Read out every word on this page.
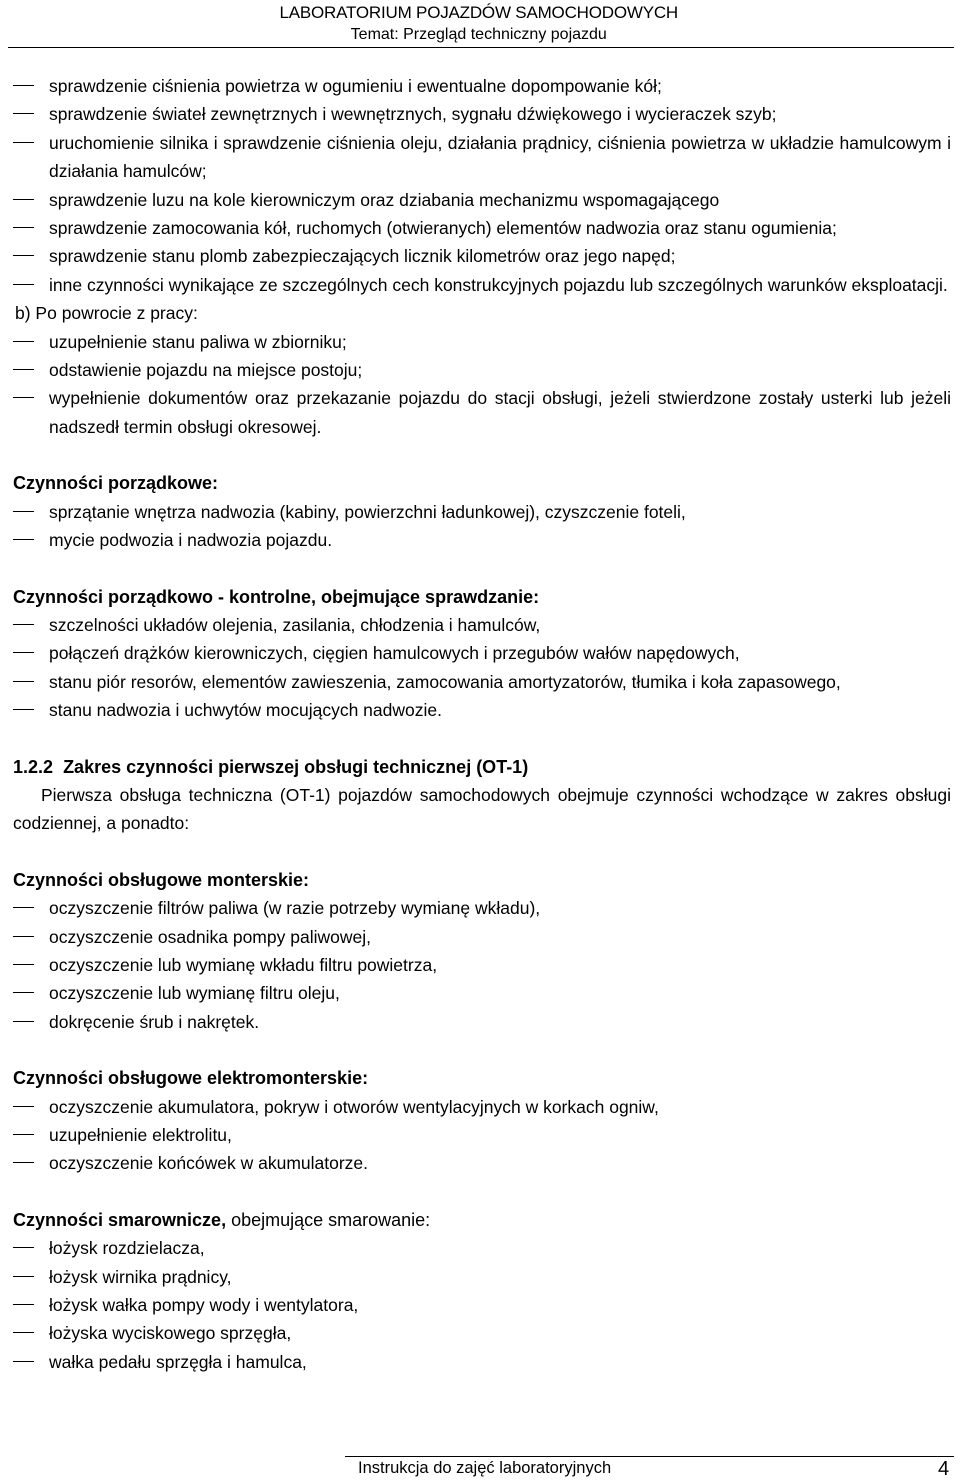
LABORATORIUM POJAZDÓW SAMOCHODOWYCH
Temat: Przegląd techniczny pojazdu
sprawdzenie ciśnienia powietrza w ogumieniu i ewentualne dopompowanie kół;
sprawdzenie świateł zewnętrznych i wewnętrznych, sygnału dźwiękowego i wycieraczek szyb;
uruchomienie silnika i sprawdzenie ciśnienia oleju, działania prądnicy, ciśnienia powietrza w układzie hamulcowym i działania hamulców;
sprawdzenie luzu na kole kierowniczym oraz dziabania mechanizmu wspomagającego
sprawdzenie zamocowania kół, ruchomych (otwieranych) elementów nadwozia oraz stanu ogumienia;
sprawdzenie stanu plomb zabezpieczających licznik kilometrów oraz jego napęd;
inne czynności wynikające ze szczególnych cech konstrukcyjnych pojazdu lub szczególnych warunków eksploatacji.
b) Po powrocie z pracy:
uzupełnienie stanu paliwa w zbiorniku;
odstawienie pojazdu na miejsce postoju;
wypełnienie dokumentów oraz przekazanie pojazdu do stacji obsługi, jeżeli stwierdzone zostały usterki lub jeżeli nadszedł termin obsługi okresowej.
Czynności porządkowe:
sprzątanie wnętrza nadwozia (kabiny, powierzchni ładunkowej), czyszczenie foteli,
mycie podwozia i nadwozia pojazdu.
Czynności porządkowo - kontrolne, obejmujące sprawdzanie:
szczelności układów olejenia, zasilania, chłodzenia i hamulców,
połączeń drążków kierowniczych, cięgien hamulcowych i przegubów wałów napędowych,
stanu piór resorów, elementów zawieszenia, zamocowania amortyzatorów, tłumika i koła zapasowego,
stanu nadwozia i uchwytów mocujących nadwozie.
1.2.2 Zakres czynności pierwszej obsługi technicznej (OT-1)
Pierwsza obsługa techniczna (OT-1) pojazdów samochodowych obejmuje czynności wchodzące w zakres obsługi codziennej, a ponadto:
Czynności obsługowe monterskie:
oczyszczenie filtrów paliwa (w razie potrzeby wymianę wkładu),
oczyszczenie osadnika pompy paliwowej,
oczyszczenie lub wymianę wkładu filtru powietrza,
oczyszczenie lub wymianę filtru oleju,
dokręcenie śrub i nakrętek.
Czynności obsługowe elektromonterskie:
oczyszczenie akumulatora, pokryw i otworów wentylacyjnych w korkach ogniw,
uzupełnienie elektrolitu,
oczyszczenie końcówek w akumulatorze.
Czynności smarownicze, obejmujące smarowanie:
łożysk rozdzielacza,
łożysk wirnika prądnicy,
łożysk wałka pompy wody i wentylatora,
łożyska wyciskowego sprzęgła,
wałka pedału sprzęgła i hamulca,
Instrukcja do zajęć laboratoryjnych	4
